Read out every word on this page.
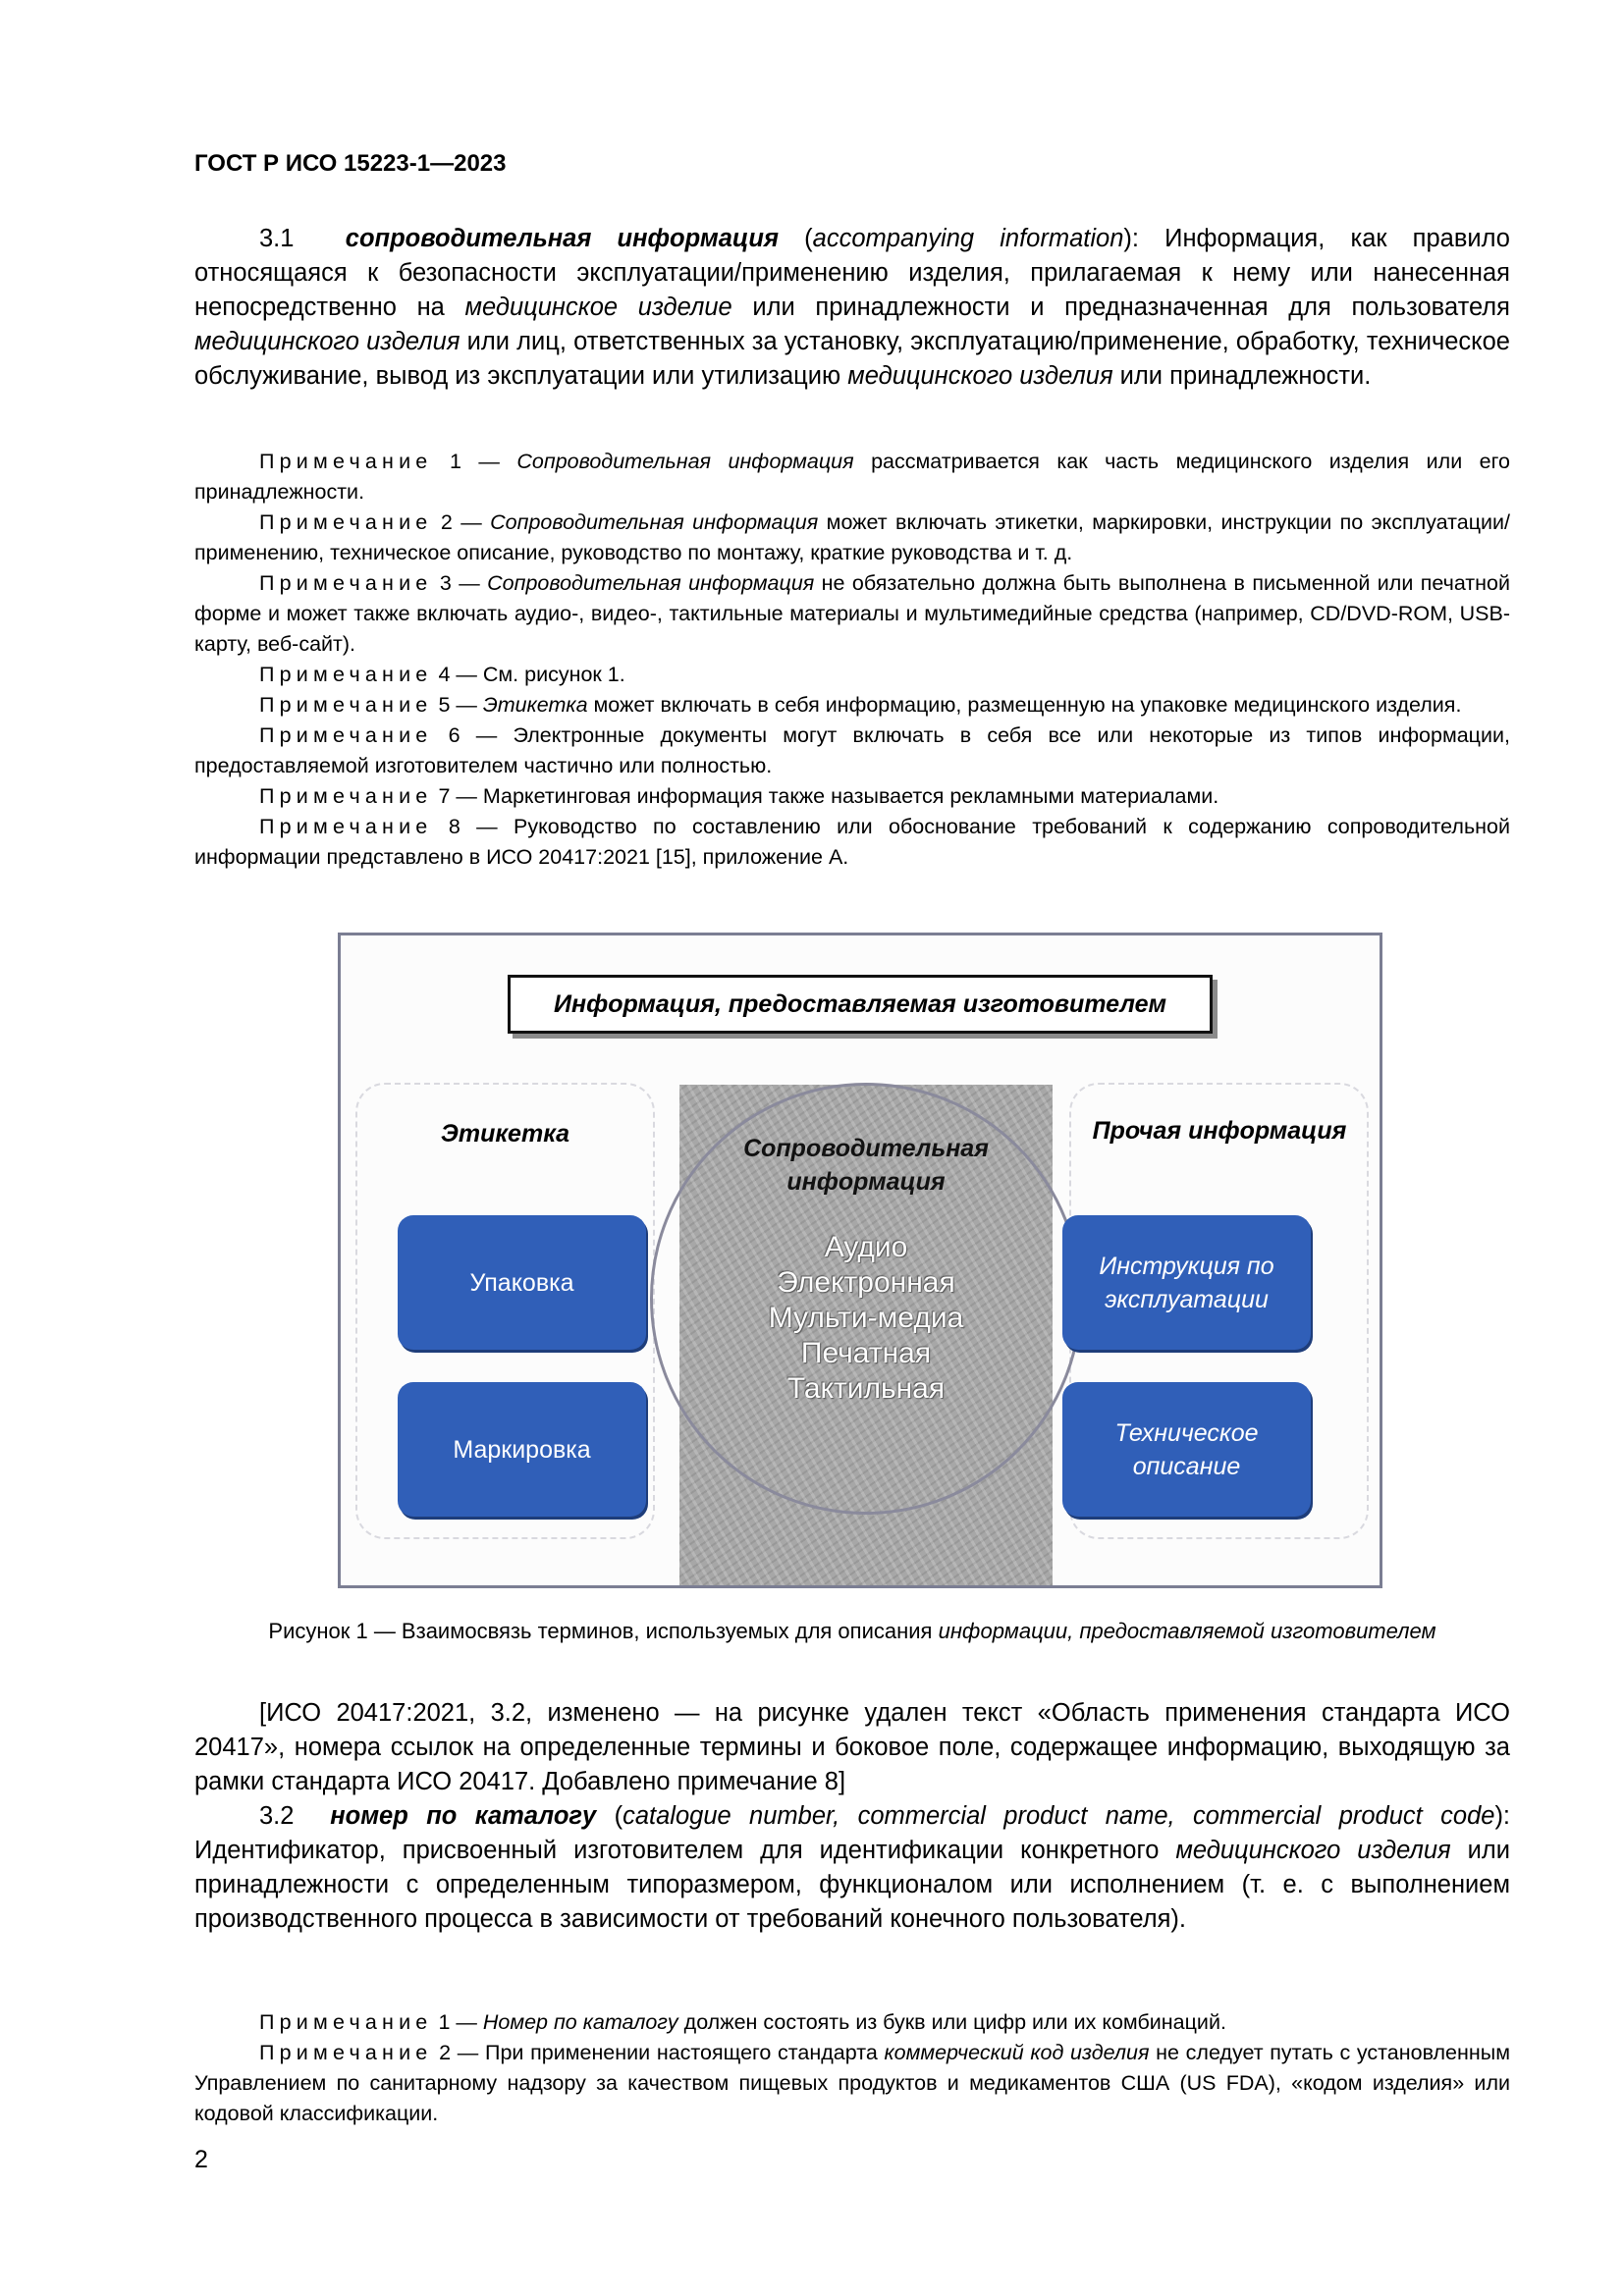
ГОСТ Р ИСО 15223-1—2023

3.1 сопроводительная информация (accompanying information): Информация, как правило относящаяся к безопасности эксплуатации/применению изделия, прилагаемая к нему или нанесенная непосредственно на медицинское изделие или принадлежности и предназначенная для пользователя медицинского изделия или лиц, ответственных за установку, эксплуатацию/применение, обработку, техническое обслуживание, вывод из эксплуатации или утилизацию медицинского изделия или принадлежности.

Примечание 1 — Сопроводительная информация рассматривается как часть медицинского изделия или его принадлежности.

Примечание 2 — Сопроводительная информация может включать этикетки, маркировки, инструкции по эксплуатации/применению, техническое описание, руководство по монтажу, краткие руководства и т. д.

Примечание 3 — Сопроводительная информация не обязательно должна быть выполнена в письменной или печатной форме и может также включать аудио-, видео-, тактильные материалы и мультимедийные средства (например, CD/DVD-ROM, USB-карту, веб-сайт).

Примечание 4 — См. рисунок 1.

Примечание 5 — Этикетка может включать в себя информацию, размещенную на упаковке медицинского изделия.

Примечание 6 — Электронные документы могут включать в себя все или некоторые из типов информации, предоставляемой изготовителем частично или полностью.

Примечание 7 — Маркетинговая информация также называется рекламными материалами.

Примечание 8 — Руководство по составлению или обоснование требований к содержанию сопроводительной информации представлено в ИСО 20417:2021 [15], приложение А.

Информация, предоставляемая изготовителем
Этикетка	Прочая информация
Упаковка
Маркировка
Инструкция по эксплуатации
Техническое описание
Сопроводительная информация
Аудио
Электронная
Мульти-медиа
Печатная
Тактильная
Рисунок 1 — Взаимосвязь терминов, используемых для описания информации, предоставляемой изготовителем

[ИСО 20417:2021, 3.2, изменено — на рисунке удален текст «Область применения стандарта ИСО 20417», номера ссылок на определенные термины и боковое поле, содержащее информацию, выходящую за рамки стандарта ИСО 20417. Добавлено примечание 8]

3.2 номер по каталогу (catalogue number, commercial product name, commercial product code): Идентификатор, присвоенный изготовителем для идентификации конкретного медицинского изделия или принадлежности с определенным типоразмером, функционалом или исполнением (т. е. с выполнением производственного процесса в зависимости от требований конечного пользователя).

Примечание 1 — Номер по каталогу должен состоять из букв или цифр или их комбинаций.

Примечание 2 — При применении настоящего стандарта коммерческий код изделия не следует путать с установленным Управлением по санитарному надзору за качеством пищевых продуктов и медикаментов США (US FDA), «кодом изделия» или кодовой классификации.

2
